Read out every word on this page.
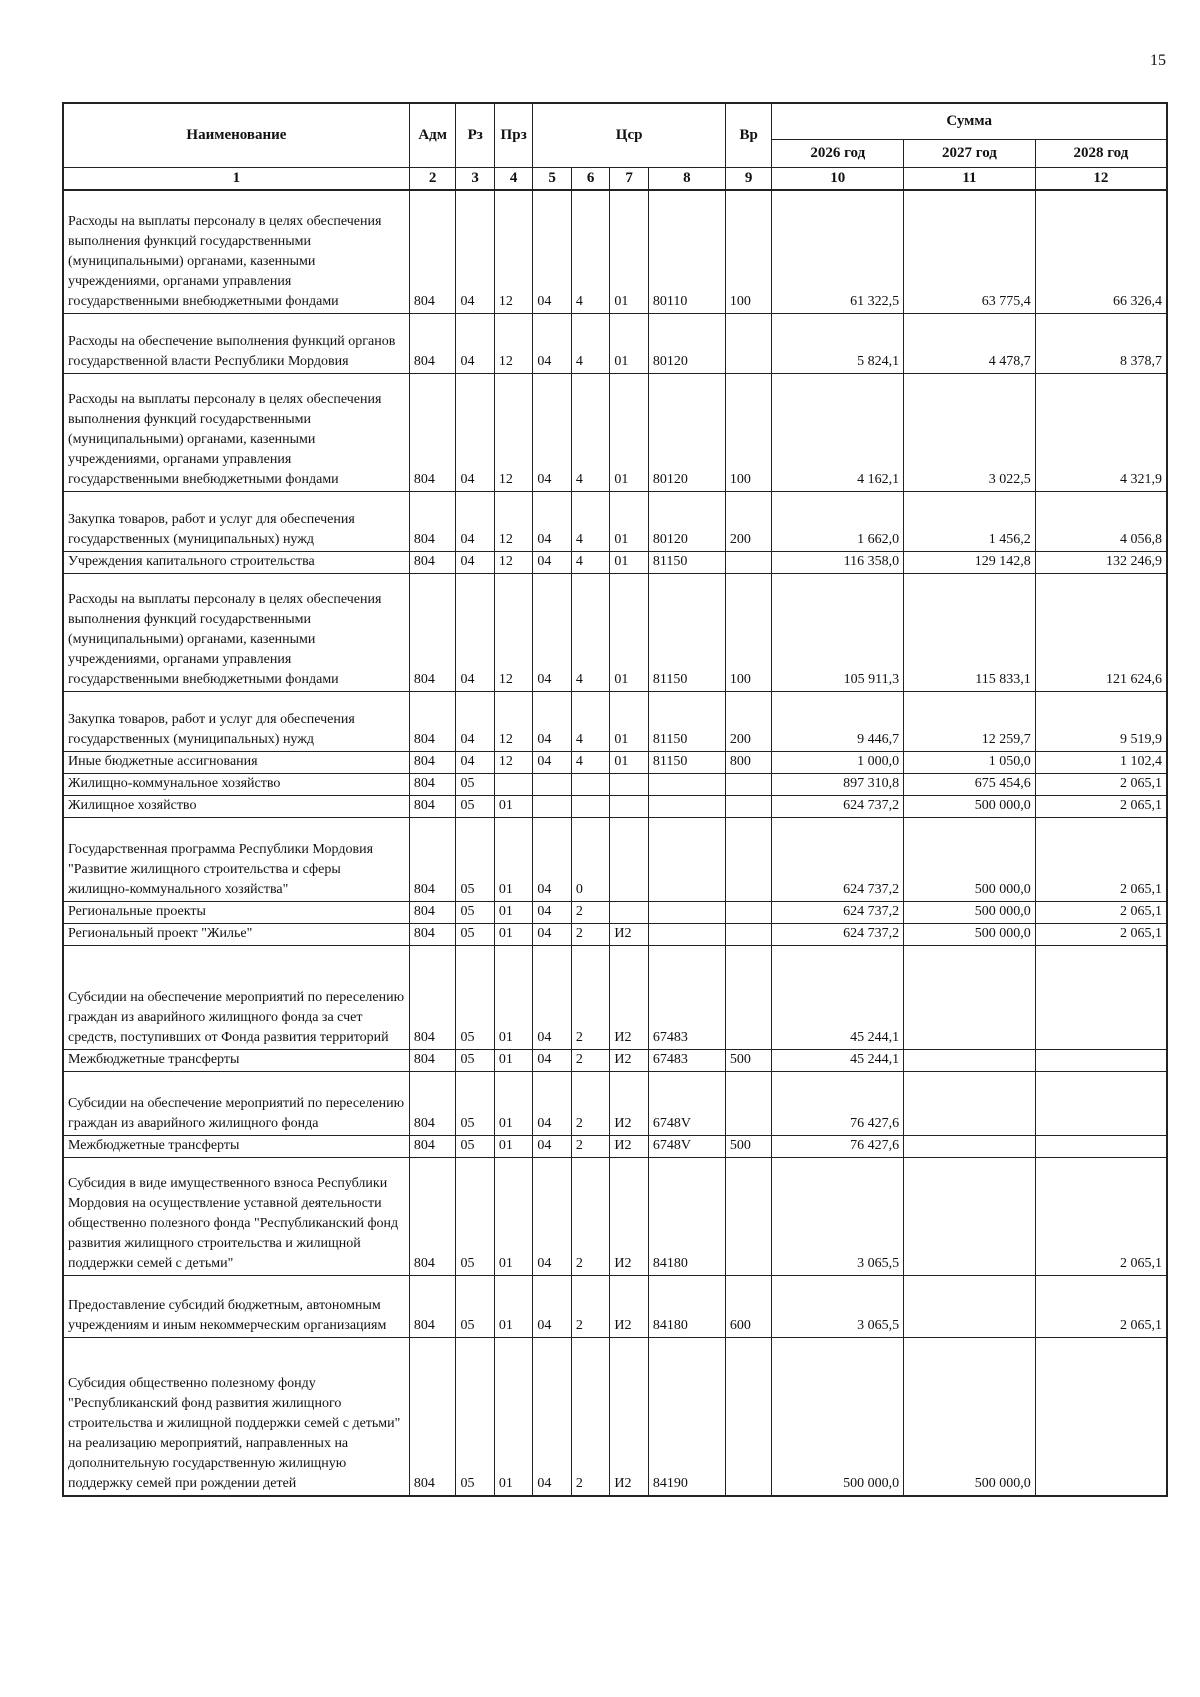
15
Наименование	Адм	Рз	Прз	Цср				Вр	Сумма		
									2026 год	2027 год	2028 год
1	2	3	4	5	6	7	8	9	10	11	12
Расходы на выплаты персоналу в целях обеспечения выполнения функций государственными (муниципальными) органами, казенными учреждениями, органами управления государственными внебюджетными фондами	804	04	12	04	4	01	80110	100	61 322,5	63 775,4	66 326,4
Расходы на обеспечение выполнения функций органов государственной власти Республики Мордовия	804	04	12	04	4	01	80120		5 824,1	4 478,7	8 378,7
Расходы на выплаты персоналу в целях обеспечения выполнения функций государственными (муниципальными) органами, казенными учреждениями, органами управления государственными внебюджетными фондами	804	04	12	04	4	01	80120	100	4 162,1	3 022,5	4 321,9
Закупка товаров, работ и услуг для обеспечения государственных (муниципальных) нужд	804	04	12	04	4	01	80120	200	1 662,0	1 456,2	4 056,8
Учреждения капитального строительства	804	04	12	04	4	01	81150		116 358,0	129 142,8	132 246,9
Расходы на выплаты персоналу в целях обеспечения выполнения функций государственными (муниципальными) органами, казенными учреждениями, органами управления государственными внебюджетными фондами	804	04	12	04	4	01	81150	100	105 911,3	115 833,1	121 624,6
Закупка товаров, работ и услуг для обеспечения государственных (муниципальных) нужд	804	04	12	04	4	01	81150	200	9 446,7	12 259,7	9 519,9
Иные бюджетные ассигнования	804	04	12	04	4	01	81150	800	1 000,0	1 050,0	1 102,4
Жилищно-коммунальное хозяйство	804	05							897 310,8	675 454,6	2 065,1
Жилищное хозяйство	804	05	01						624 737,2	500 000,0	2 065,1
Государственная программа Республики Мордовия "Развитие жилищного строительства и сферы жилищно-коммунального хозяйства"	804	05	01	04	0				624 737,2	500 000,0	2 065,1
Региональные проекты	804	05	01	04	2				624 737,2	500 000,0	2 065,1
Региональный проект "Жилье"	804	05	01	04	2	И2			624 737,2	500 000,0	2 065,1
Субсидии на обеспечение мероприятий по переселению граждан из аварийного жилищного фонда за счет средств, поступивших от Фонда развития территорий	804	05	01	04	2	И2	67483		45 244,1		
Межбюджетные трансферты	804	05	01	04	2	И2	67483	500	45 244,1		
Субсидии на обеспечение мероприятий по переселению граждан из аварийного жилищного фонда	804	05	01	04	2	И2	6748V		76 427,6		
Межбюджетные трансферты	804	05	01	04	2	И2	6748V	500	76 427,6		
Субсидия в виде имущественного взноса Республики Мордовия на осуществление уставной деятельности общественно полезного фонда "Республиканский фонд развития жилищного строительства и жилищной поддержки семей с детьми"	804	05	01	04	2	И2	84180		3 065,5		2 065,1
Предоставление субсидий бюджетным, автономным учреждениям и иным некоммерческим организациям	804	05	01	04	2	И2	84180	600	3 065,5		2 065,1
Субсидия общественно полезному фонду "Республиканский фонд развития жилищного строительства и жилищной поддержки семей с детьми" на реализацию мероприятий, направленных на дополнительную государственную жилищную поддержку семей при рождении детей	804	05	01	04	2	И2	84190		500 000,0	500 000,0	
